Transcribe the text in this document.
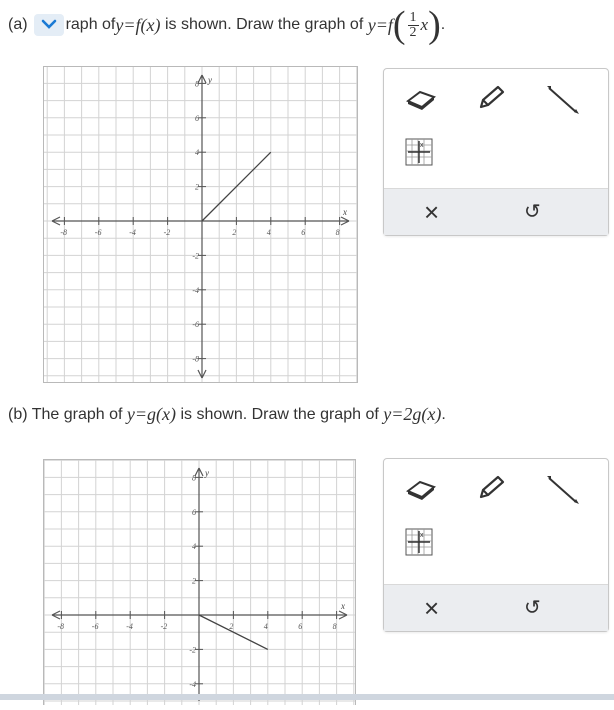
(a) raph of y=f (x) is shown. Draw the graph of y=f ( $\frac{1}{2}$ x ) .
x
y
-8	-6	-4	-2	2	4	6	8
8
6
4
2
-2
-4
-6
-8
x
×	↺
(b) The graph of y=g(x) is shown. Draw the graph of y=2g(x) .
x
y
-8	-6	-4	-2	2	4	6	8
8
6
4
2
-2
-4
x
×	↺
